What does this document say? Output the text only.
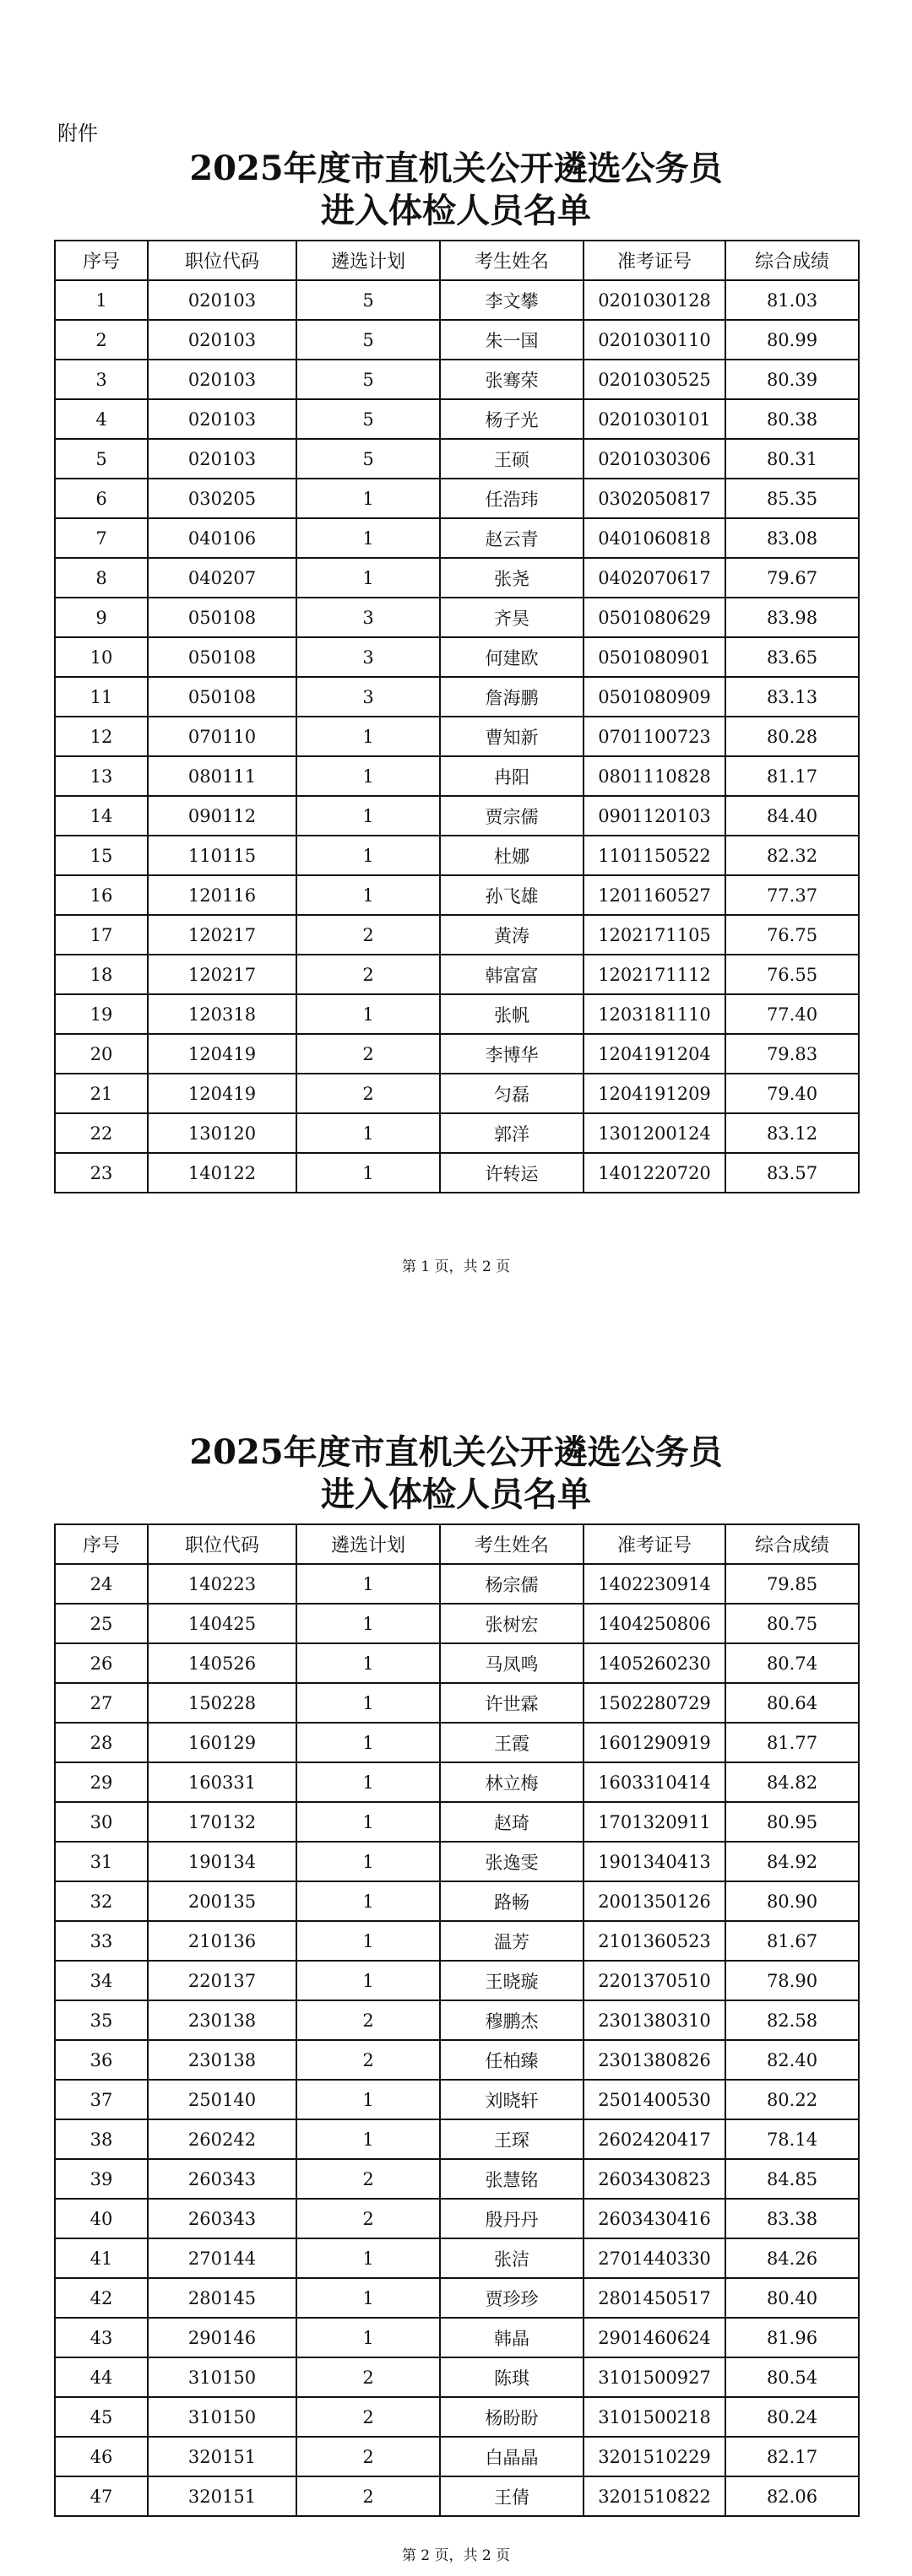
附件
2025年度市直机关公开遴选公务员
进入体检人员名单
序号	职位代码	遴选计划	考生姓名	准考证号	综合成绩
1	020103	5	李文攀	0201030128	81.03
2	020103	5	朱一国	0201030110	80.99
3	020103	5	张骞荣	0201030525	80.39
4	020103	5	杨子光	0201030101	80.38
5	020103	5	王硕	0201030306	80.31
6	030205	1	任浩玮	0302050817	85.35
7	040106	1	赵云青	0401060818	83.08
8	040207	1	张尧	0402070617	79.67
9	050108	3	齐昊	0501080629	83.98
10	050108	3	何建欧	0501080901	83.65
11	050108	3	詹海鹏	0501080909	83.13
12	070110	1	曹知新	0701100723	80.28
13	080111	1	冉阳	0801110828	81.17
14	090112	1	贾宗儒	0901120103	84.40
15	110115	1	杜娜	1101150522	82.32
16	120116	1	孙飞雄	1201160527	77.37
17	120217	2	黄涛	1202171105	76.75
18	120217	2	韩富富	1202171112	76.55
19	120318	1	张帆	1203181110	77.40
20	120419	2	李博华	1204191204	79.83
21	120419	2	匀磊	1204191209	79.40
22	130120	1	郭洋	1301200124	83.12
23	140122	1	许转运	1401220720	83.57
第 1 页，共 2 页
2025年度市直机关公开遴选公务员
进入体检人员名单
序号	职位代码	遴选计划	考生姓名	准考证号	综合成绩
24	140223	1	杨宗儒	1402230914	79.85
25	140425	1	张树宏	1404250806	80.75
26	140526	1	马凤鸣	1405260230	80.74
27	150228	1	许世霖	1502280729	80.64
28	160129	1	王霞	1601290919	81.77
29	160331	1	林立梅	1603310414	84.82
30	170132	1	赵琦	1701320911	80.95
31	190134	1	张逸雯	1901340413	84.92
32	200135	1	路畅	2001350126	80.90
33	210136	1	温芳	2101360523	81.67
34	220137	1	王晓璇	2201370510	78.90
35	230138	2	穆鹏杰	2301380310	82.58
36	230138	2	任柏臻	2301380826	82.40
37	250140	1	刘晓轩	2501400530	80.22
38	260242	1	王琛	2602420417	78.14
39	260343	2	张慧铭	2603430823	84.85
40	260343	2	殷丹丹	2603430416	83.38
41	270144	1	张洁	2701440330	84.26
42	280145	1	贾珍珍	2801450517	80.40
43	290146	1	韩晶	2901460624	81.96
44	310150	2	陈琪	3101500927	80.54
45	310150	2	杨盼盼	3101500218	80.24
46	320151	2	白晶晶	3201510229	82.17
47	320151	2	王倩	3201510822	82.06
第 2 页，共 2 页
